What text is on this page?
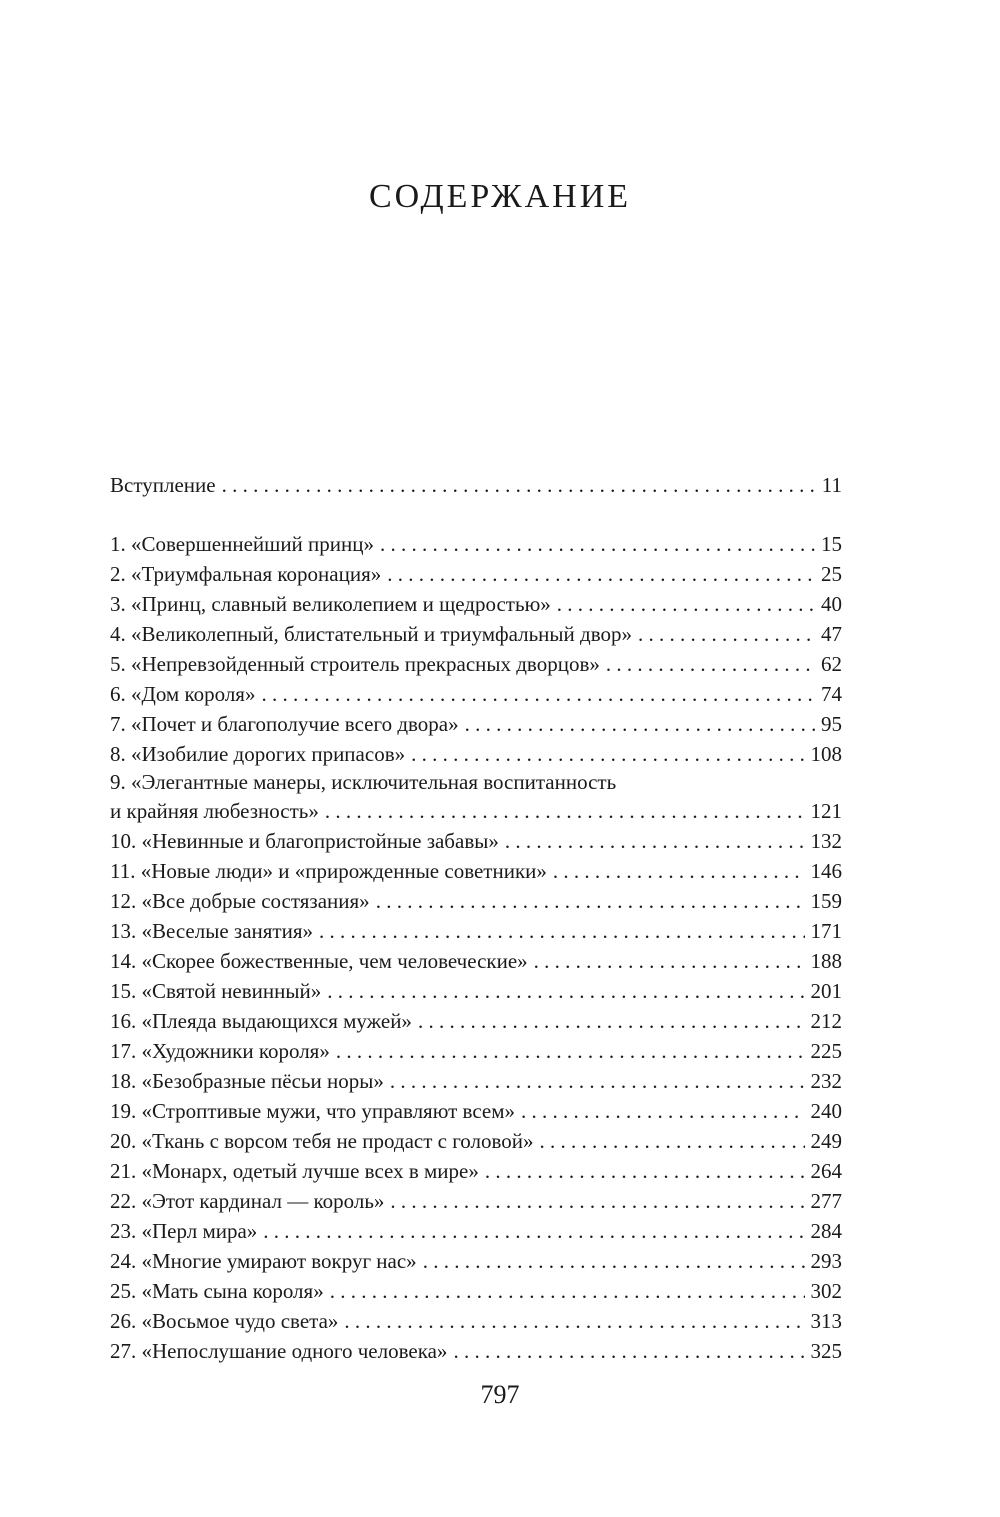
СОДЕРЖАНИЕ
Вступление . . .	11
1. «Совершеннейший принц» . . .	15
2. «Триумфальная коронация» . . .	25
3. «Принц, славный великолепием и щедростью» . . .	40
4. «Великолепный, блистательный и триумфальный двор» . . .	47
5. «Непревзойденный строитель прекрасных дворцов» . . .	62
6. «Дом короля» . . .	74
7. «Почет и благополучие всего двора» . . .	95
8. «Изобилие дорогих припасов» . . .	108
9. «Элегантные манеры, исключительная воспитанность
и крайняя любезность» . . .	121
10. «Невинные и благопристойные забавы» . . .	132
11. «Новые люди» и «прирожденные советники» . . .	146
12. «Все добрые состязания» . . .	159
13. «Веселые занятия» . . .	171
14. «Скорее божественные, чем человеческие» . . .	188
15. «Святой невинный» . . .	201
16. «Плеяда выдающихся мужей» . . .	212
17. «Художники короля» . . .	225
18. «Безобразные пёсьи норы» . . .	232
19. «Строптивые мужи, что управляют всем» . . .	240
20. «Ткань с ворсом тебя не продаст с головой» . . .	249
21. «Монарх, одетый лучше всех в мире» . . .	264
22. «Этот кардинал — король» . . .	277
23. «Перл мира» . . .	284
24. «Многие умирают вокруг нас» . . .	293
25. «Мать сына короля» . . .	302
26. «Восьмое чудо света» . . .	313
27. «Непослушание одного человека» . . .	325
797
